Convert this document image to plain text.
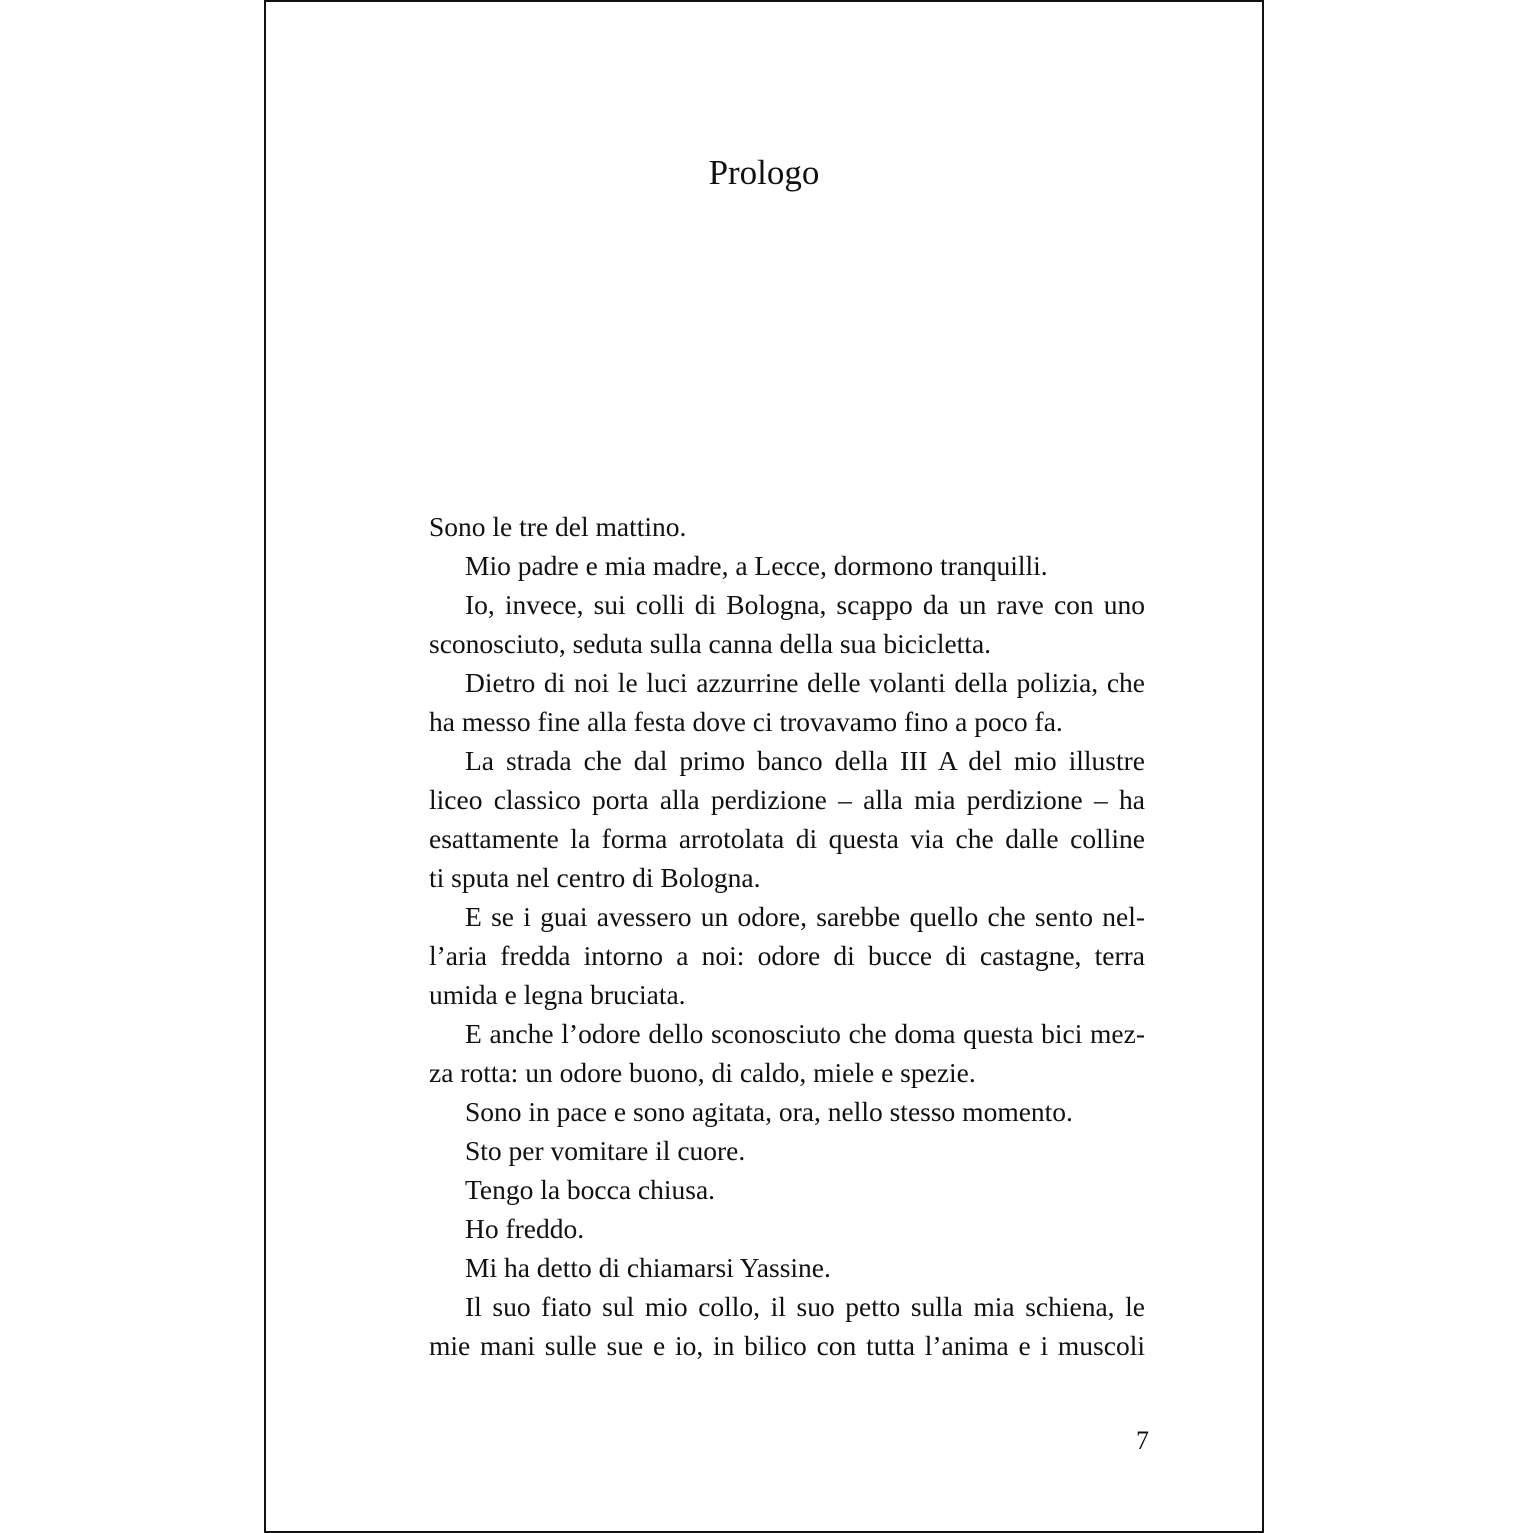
Prologo
Sono le tre del mattino.
Mio padre e mia madre, a Lecce, dormono tranquilli.
Io, invece, sui colli di Bologna, scappo da un rave con uno
sconosciuto, seduta sulla canna della sua bicicletta.
Dietro di noi le luci azzurrine delle volanti della polizia, che
ha messo fine alla festa dove ci trovavamo fino a poco fa.
La strada che dal primo banco della III A del mio illustre
liceo classico porta alla perdizione – alla mia perdizione – ha
esattamente la forma arrotolata di questa via che dalle colline
ti sputa nel centro di Bologna.
E se i guai avessero un odore, sarebbe quello che sento nel-
l’aria fredda intorno a noi: odore di bucce di castagne, terra
umida e legna bruciata.
E anche l’odore dello sconosciuto che doma questa bici mez-
za rotta: un odore buono, di caldo, miele e spezie.
Sono in pace e sono agitata, ora, nello stesso momento.
Sto per vomitare il cuore.
Tengo la bocca chiusa.
Ho freddo.
Mi ha detto di chiamarsi Yassine.
Il suo fiato sul mio collo, il suo petto sulla mia schiena, le
mie mani sulle sue e io, in bilico con tutta l’anima e i muscoli
7
